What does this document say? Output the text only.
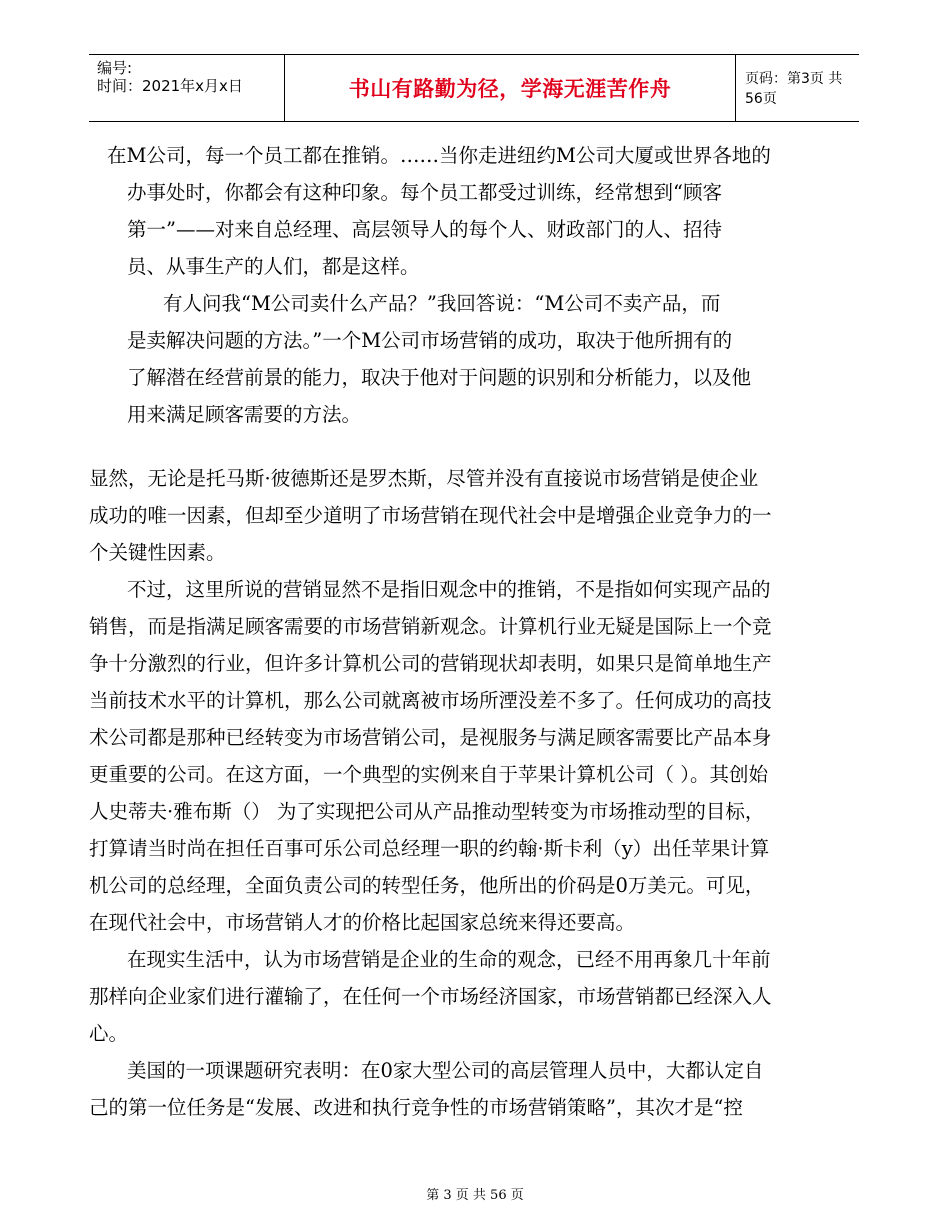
编号:
时间：2021年x月x日	书山有路勤为径，学海无涯苦作舟	页码：第3页 共56页

在M公司，每一个员工都在推销。……当你走进纽约M公司大厦或世界各地的

办事处时，你都会有这种印象。每个员工都受过训练，经常想到“顾客

第一”——对来自总经理、高层领导人的每个人、财政部门的人、招待

员、从事生产的人们，都是这样。

有人问我“M公司卖什么产品？”我回答说：“M公司不卖产品，而

是卖解决问题的方法。”一个M公司市场营销的成功，取决于他所拥有的

了解潜在经营前景的能力，取决于他对于问题的识别和分析能力，以及他

用来满足顾客需要的方法。

显然，无论是托马斯·彼德斯还是罗杰斯，尽管并没有直接说市场营销是使企业

成功的唯一因素，但却至少道明了市场营销在现代社会中是增强企业竞争力的一

个关键性因素。

不过，这里所说的营销显然不是指旧观念中的推销，不是指如何实现产品的

销售，而是指满足顾客需要的市场营销新观念。计算机行业无疑是国际上一个竞

争十分激烈的行业，但许多计算机公司的营销现状却表明，如果只是简单地生产

当前技术水平的计算机，那么公司就离被市场所湮没差不多了。任何成功的高技

术公司都是那种已经转变为市场营销公司，是视服务与满足顾客需要比产品本身

更重要的公司。在这方面，一个典型的实例来自于苹果计算机公司（ ）。其创始

人史蒂夫·雅布斯（） 为了实现把公司从产品推动型转变为市场推动型的目标，

打算请当时尚在担任百事可乐公司总经理一职的约翰·斯卡利（y）出任苹果计算

机公司的总经理，全面负责公司的转型任务，他所出的价码是0万美元。可见，

在现代社会中，市场营销人才的价格比起国家总统来得还要高。

在现实生活中，认为市场营销是企业的生命的观念，已经不用再象几十年前

那样向企业家们进行灌输了，在任何一个市场经济国家，市场营销都已经深入人

心。

美国的一项课题研究表明：在0家大型公司的高层管理人员中，大都认定自

己的第一位任务是“发展、改进和执行竞争性的市场营销策略”，其次才是“控

第 3 页 共 56 页
